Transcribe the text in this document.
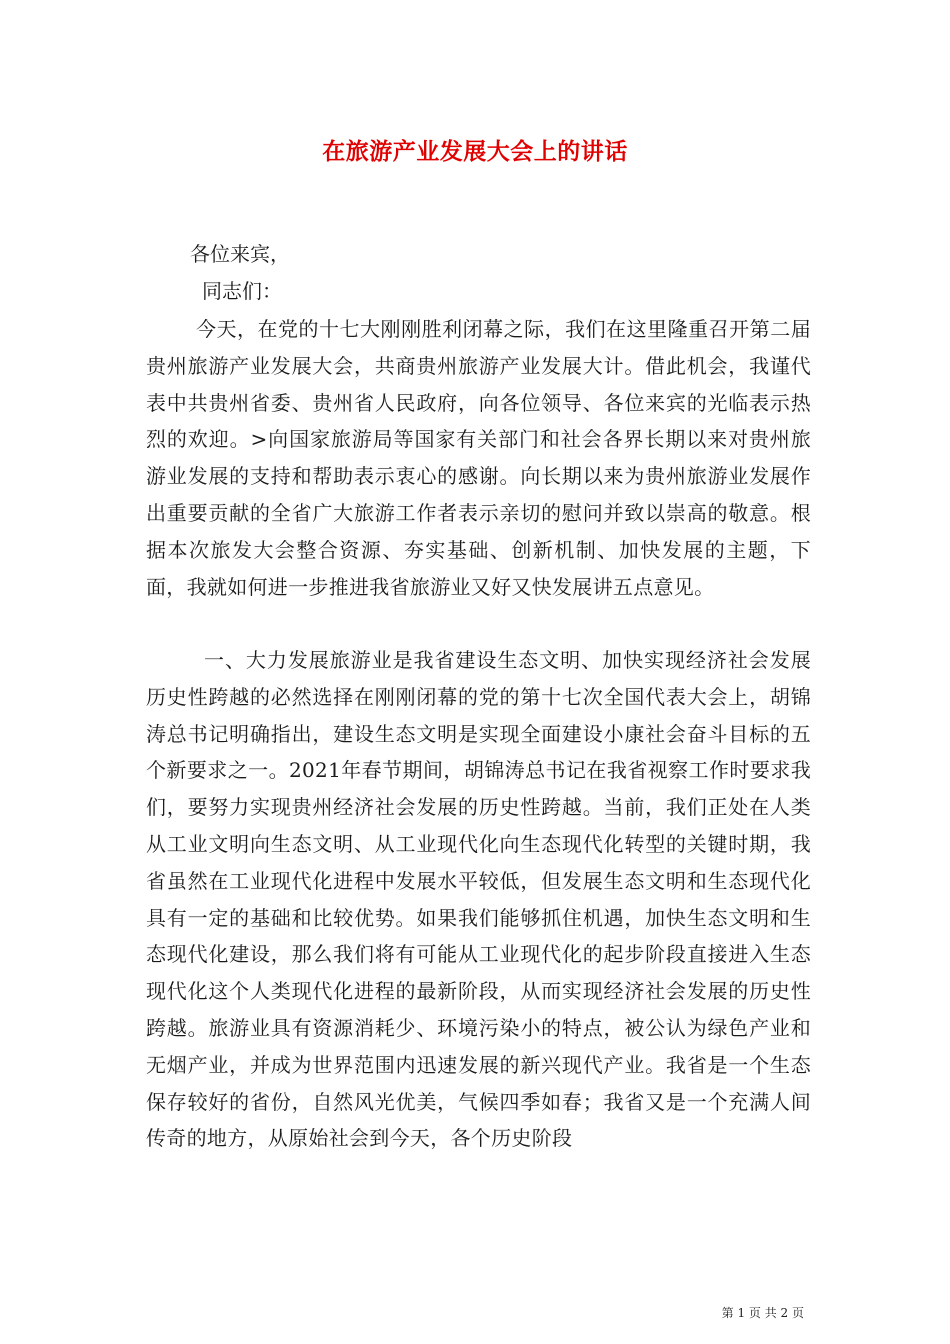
在旅游产业发展大会上的讲话
各位来宾，
同志们：

今天，在党的十七大刚刚胜利闭幕之际，我们在这里隆重召开第二届贵州旅游产业发展大会，共商贵州旅游产业发展大计。借此机会，我谨代表中共贵州省委、贵州省人民政府，向各位领导、各位来宾的光临表示热烈的欢迎。>向国家旅游局等国家有关部门和社会各界长期以来对贵州旅游业发展的支持和帮助表示衷心的感谢。向长期以来为贵州旅游业发展作出重要贡献的全省广大旅游工作者表示亲切的慰问并致以崇高的敬意。根据本次旅发大会整合资源、夯实基础、创新机制、加快发展的主题，下面，我就如何进一步推进我省旅游业又好又快发展讲五点意见。

一、大力发展旅游业是我省建设生态文明、加快实现经济社会发展历史性跨越的必然选择在刚刚闭幕的党的第十七次全国代表大会上，胡锦涛总书记明确指出，建设生态文明是实现全面建设小康社会奋斗目标的五个新要求之一。2021年春节期间，胡锦涛总书记在我省视察工作时要求我们，要努力实现贵州经济社会发展的历史性跨越。当前，我们正处在人类从工业文明向生态文明、从工业现代化向生态现代化转型的关键时期，我省虽然在工业现代化进程中发展水平较低，但发展生态文明和生态现代化具有一定的基础和比较优势。如果我们能够抓住机遇，加快生态文明和生态现代化建设，那么我们将有可能从工业现代化的起步阶段直接进入生态现代化这个人类现代化进程的最新阶段，从而实现经济社会发展的历史性跨越。旅游业具有资源消耗少、环境污染小的特点，被公认为绿色产业和无烟产业，并成为世界范围内迅速发展的新兴现代产业。我省是一个生态保存较好的省份，自然风光优美，气候四季如春；我省又是一个充满人间传奇的地方，从原始社会到今天，各个历史阶段

第 1 页 共 2 页
